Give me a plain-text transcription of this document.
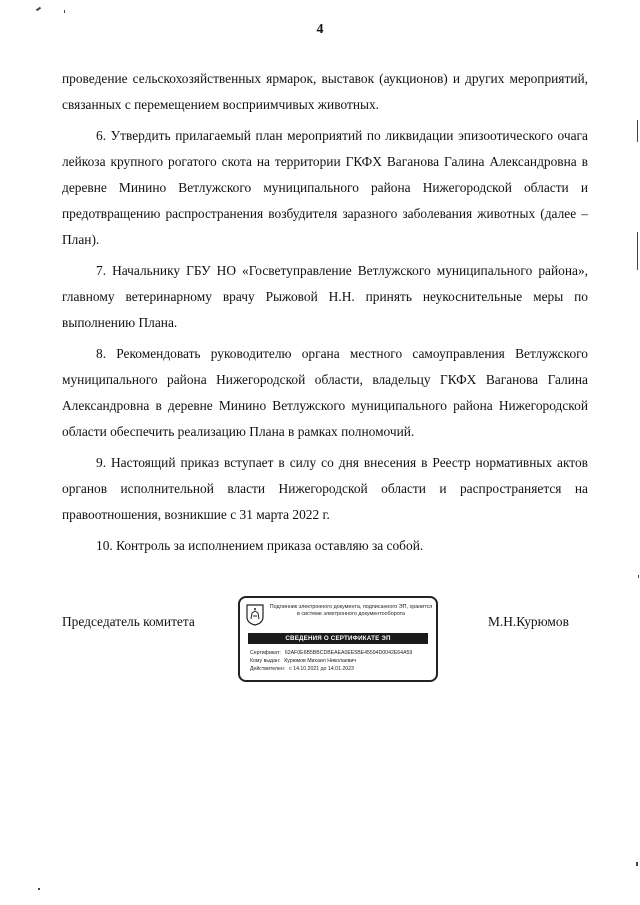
4

проведение сельскохозяйственных ярмарок, выставок (аукционов) и других мероприятий, связанных с перемещением восприимчивых животных.

6. Утвердить прилагаемый план мероприятий по ликвидации эпизоотического очага лейкоза крупного рогатого скота на территории ГКФХ Ваганова Галина Александровна в деревне Минино Ветлужского муниципального района Нижегородской области и предотвращению распространения возбудителя заразного заболевания животных (далее – План).

7. Начальнику ГБУ НО «Госветуправление Ветлужского муниципального района», главному ветеринарному врачу Рыжовой Н.Н. принять неукоснительные меры по выполнению Плана.

8. Рекомендовать руководителю органа местного самоуправления Ветлужского муниципального района Нижегородской области, владельцу ГКФХ Ваганова Галина Александровна в деревне Минино Ветлужского муниципального района Нижегородской области обеспечить реализацию Плана в рамках полномочий.

9. Настоящий приказ вступает в силу со дня внесения в Реестр нормативных актов органов исполнительной власти Нижегородской области и распространяется на правоотношения, возникшие с 31 марта 2022 г.

10. Контроль за исполнением приказа оставляю за собой.

Председатель комитета	М.Н.Курюмов
Подлинник электронного документа, подписанного ЭП, хранится в системе электронного документооборота
СВЕДЕНИЯ О СЕРТИФИКАТЕ ЭП
Сертификат: 62AF0E6B5BBCDBEAEA0EE5BE45594D0042E64A59
Кому выдан: Курюмов Михаил Николаевич
Действителен: с 14.10.2021 до 14.01.2023
